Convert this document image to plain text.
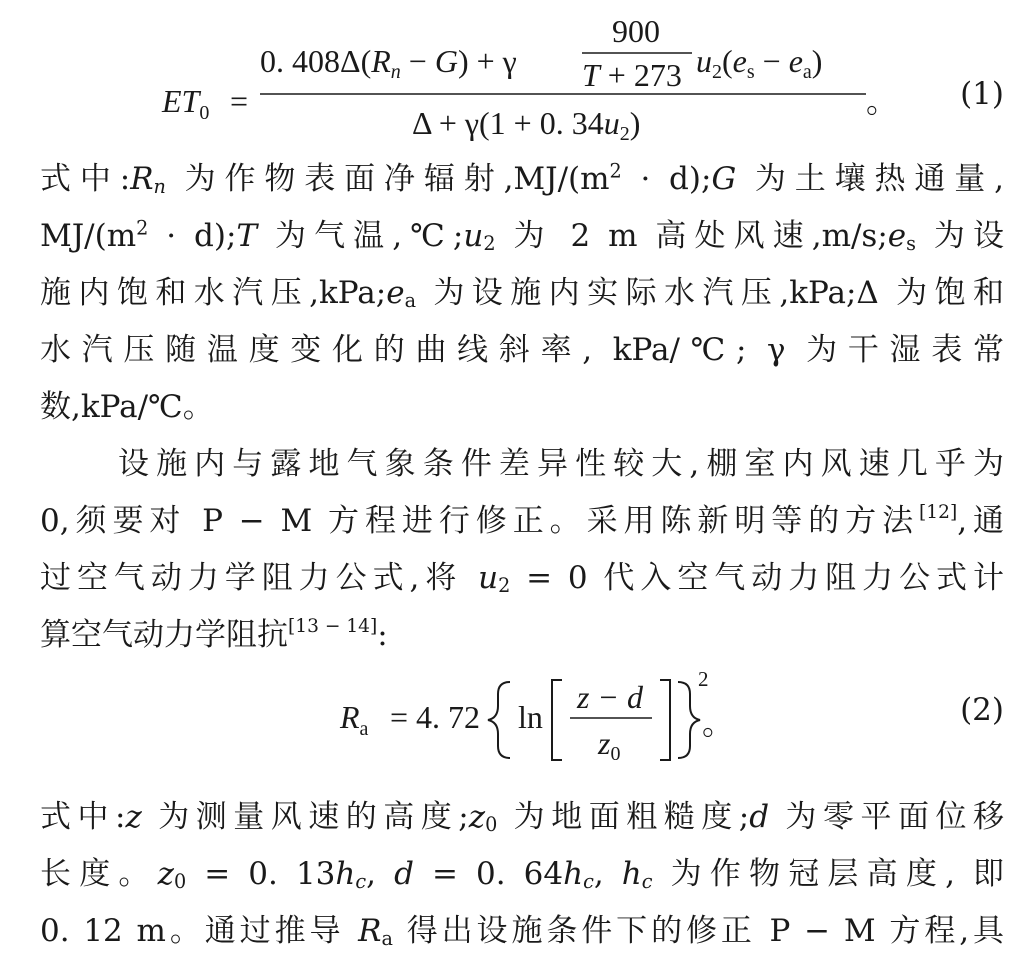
$ET_0$ =
0. 408Δ(Rn − G) + γ
900
T + 273 u2(es − ea)
Δ + γ(1 + 0. 34u2)
。 (1)
式中$:R_n$ 为作物表面净辐射$,MJ/(m^2$ · d);G 为土壤热通量,
$MJ/(m^2$ · d);T 为气温$,℃;u_2$ 为 2 m 高处风速$,m/s;e_s$ 为设
施内饱和水汽压$,kPa;e_a$ 为设施内实际水汽压,kPa;Δ 为饱和
水汽压随温度变化的曲线斜率, kPa/℃; γ 为干湿表常
数,kPa/℃。
设施内与露地气象条件差异性较大,棚室内风速几乎为
0,须要对 P − M 方程进行修正。采用陈新明等的方法[12],通
过空气动力学阻力公式,将 $u_2 = 0$ 代入空气动力阻力公式计
算空气动力学阻抗[13 − 14]:
$R_a = 4$. 72 ln
z − d
z0
2
。	(2)
式中:z 为测量风速的高度$;z_0$ 为地面粗糙度;d 为零平面位移
长度。$z_0 = 0$. $13h_c$, d = 0. $64h_c$, $h_c$ 为作物冠层高度, 即
0. 12 m。通过推导 $R_a$ 得出设施条件下的修正 P − M 方程,具
